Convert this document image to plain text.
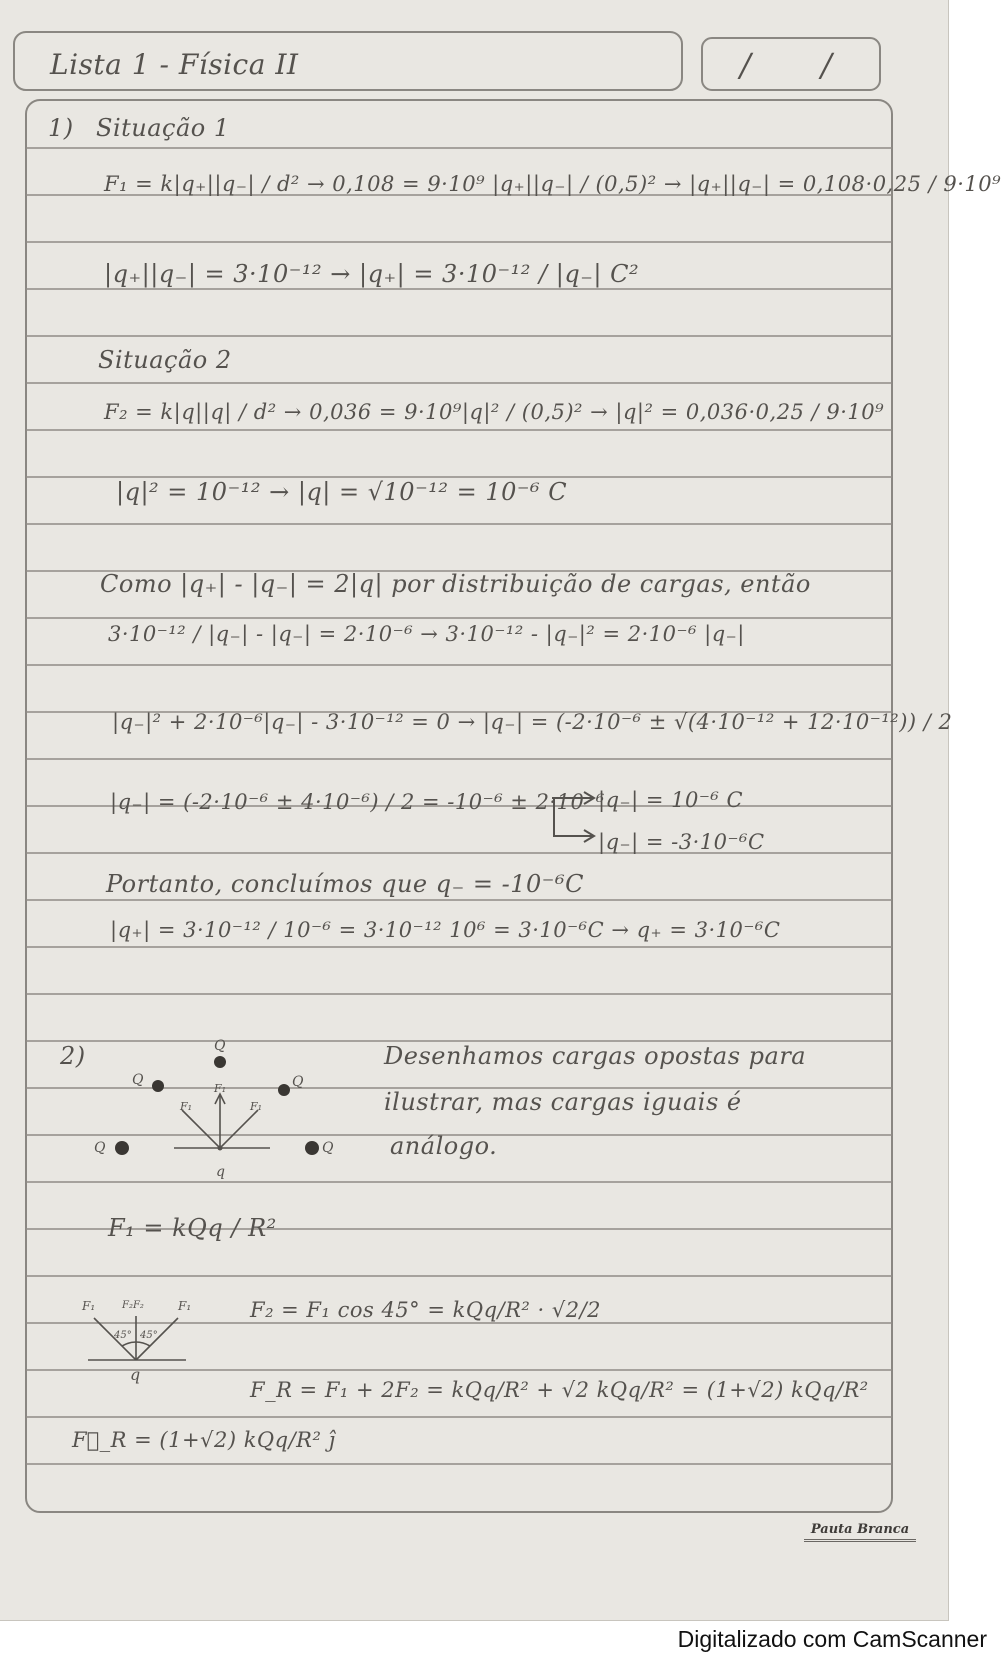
Lista 1 - Física II	/ /
1) Situação 1
F₁ = k|q₊||q₋| / d² → 0,108 = 9·10⁹ |q₊||q₋| / (0,5)² → |q₊||q₋| = 0,108·0,25 / 9·10⁹
|q₊||q₋| = 3·10⁻¹² → |q₊| = 3·10⁻¹² / |q₋| C²
Situação 2
F₂ = k|q||q| / d² → 0,036 = 9·10⁹|q|² / (0,5)² → |q|² = 0,036·0,25 / 9·10⁹
|q|² = 10⁻¹² → |q| = √10⁻¹² = 10⁻⁶ C
Como |q₊| - |q₋| = 2|q| por distribuição de cargas, então
3·10⁻¹² / |q₋| - |q₋| = 2·10⁻⁶ → 3·10⁻¹² - |q₋|² = 2·10⁻⁶ |q₋|
|q₋|² + 2·10⁻⁶|q₋| - 3·10⁻¹² = 0 → |q₋| = (-2·10⁻⁶ ± √(4·10⁻¹² + 12·10⁻¹²)) / 2
|q₋| = (-2·10⁻⁶ ± 4·10⁻⁶) / 2 = -10⁻⁶ ± 2·10⁻⁶
|q₋| = 10⁻⁶ C
|q₋| = -3·10⁻⁶C
Portanto, concluímos que q₋ = -10⁻⁶C
|q₊| = 3·10⁻¹² / 10⁻⁶ = 3·10⁻¹² 10⁶ = 3·10⁻⁶C → q₊ = 3·10⁻⁶C
2)	Desenhamos cargas opostas para
ilustrar, mas cargas iguais é
análogo.
Q
Q	Q
Q	Q
q
F₁
F₁	F₁
F₁ = kQq / R²
F₁	F₂F₂	F₁
45° 45°
q
F₂ = F₁ cos 45° = kQq/R² · √2/2
F_R = F₁ + 2F₂ = kQq/R² + √2 kQq/R² = (1+√2) kQq/R²
F⃗_R = (1+√2) kQq/R² ĵ
Pauta Branca
Digitalizado com CamScanner
